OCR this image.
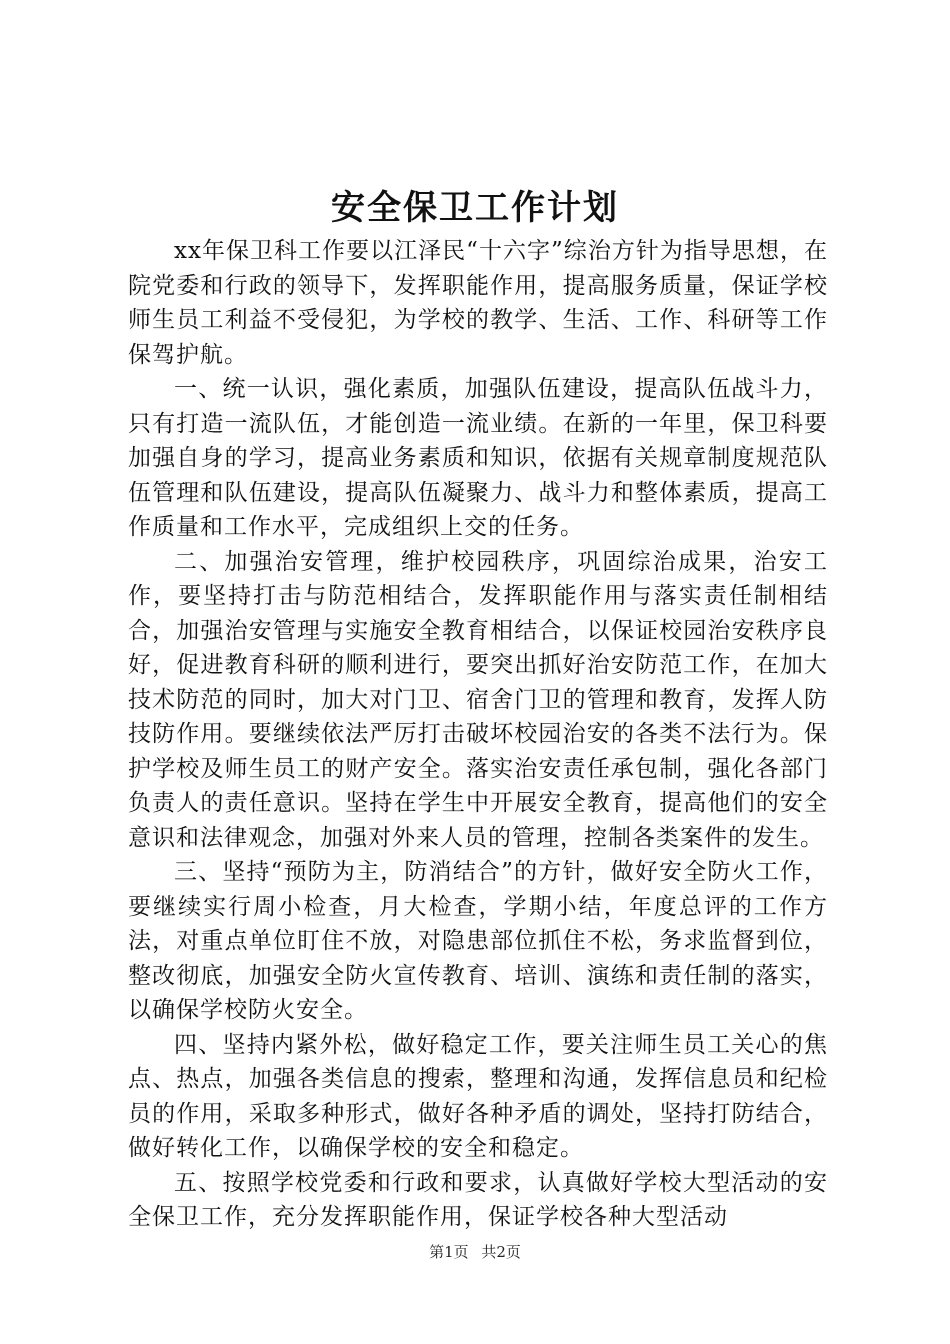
安全保卫工作计划

xx年保卫科工作要以江泽民“十六字”综治方针为指导思想，在院党委和行政的领导下，发挥职能作用，提高服务质量，保证学校师生员工利益不受侵犯，为学校的教学、生活、工作、科研等工作保驾护航。

一、统一认识，强化素质，加强队伍建设，提高队伍战斗力，只有打造一流队伍，才能创造一流业绩。在新的一年里，保卫科要加强自身的学习，提高业务素质和知识，依据有关规章制度规范队伍管理和队伍建设，提高队伍凝聚力、战斗力和整体素质，提高工作质量和工作水平，完成组织上交的任务。

二、加强治安管理，维护校园秩序，巩固综治成果，治安工作，要坚持打击与防范相结合，发挥职能作用与落实责任制相结合，加强治安管理与实施安全教育相结合，以保证校园治安秩序良好，促进教育科研的顺利进行，要突出抓好治安防范工作，在加大技术防范的同时，加大对门卫、宿舍门卫的管理和教育，发挥人防技防作用。要继续依法严厉打击破坏校园治安的各类不法行为。保护学校及师生员工的财产安全。落实治安责任承包制，强化各部门负责人的责任意识。坚持在学生中开展安全教育，提高他们的安全意识和法律观念，加强对外来人员的管理，控制各类案件的发生。

三、坚持“预防为主，防消结合”的方针，做好安全防火工作，要继续实行周小检查，月大检查，学期小结，年度总评的工作方法，对重点单位盯住不放，对隐患部位抓住不松，务求监督到位，整改彻底，加强安全防火宣传教育、培训、演练和责任制的落实，以确保学校防火安全。

四、坚持内紧外松，做好稳定工作，要关注师生员工关心的焦点、热点，加强各类信息的搜索，整理和沟通，发挥信息员和纪检员的作用，采取多种形式，做好各种矛盾的调处，坚持打防结合，做好转化工作，以确保学校的安全和稳定。

五、按照学校党委和行政和要求，认真做好学校大型活动的安全保卫工作，充分发挥职能作用，保证学校各种大型活动

第1页 共2页
